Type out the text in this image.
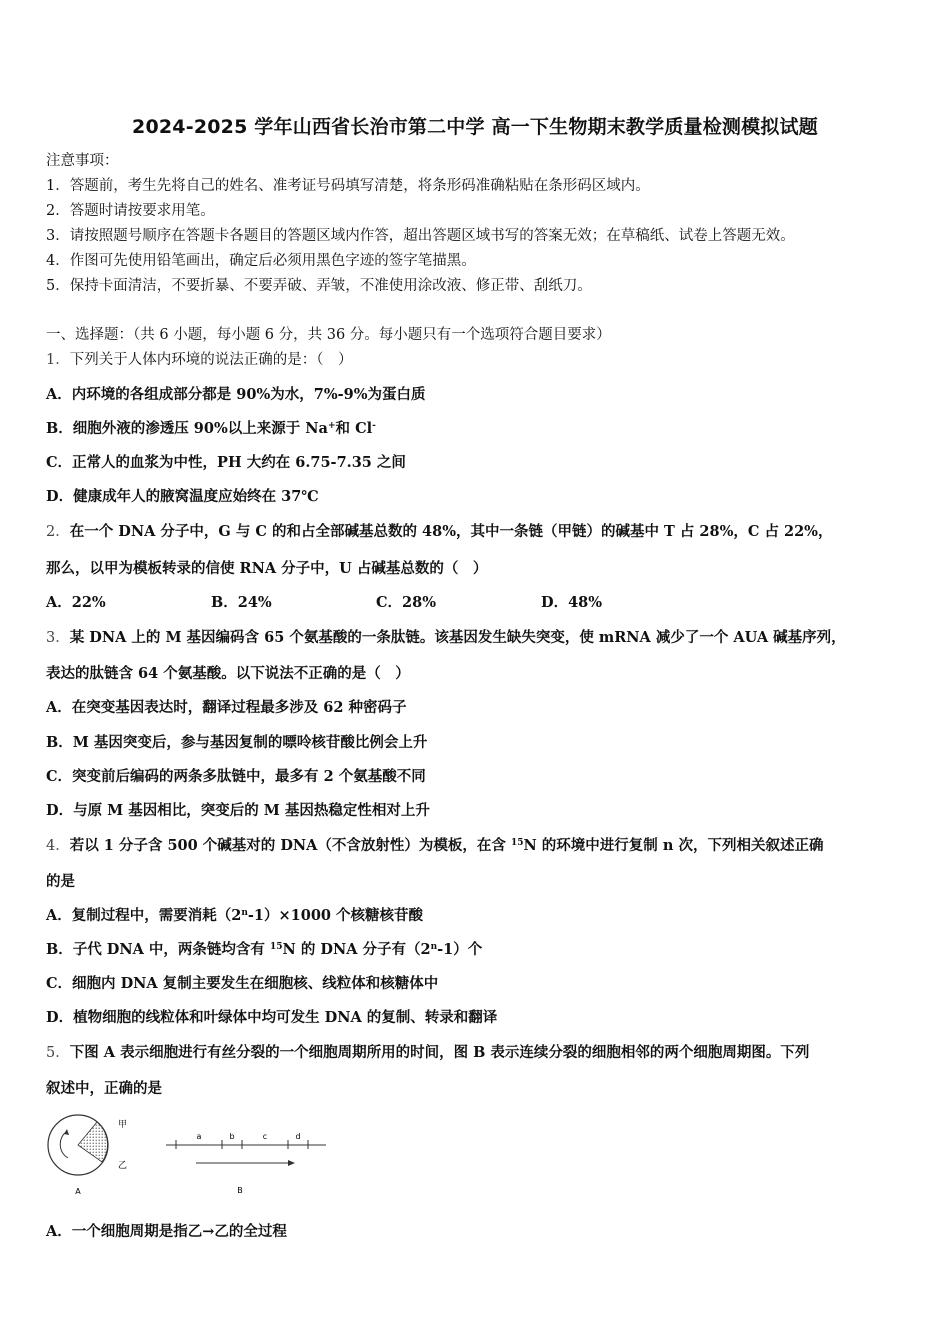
2024-2025 学年山西省长治市第二中学 高一下生物期末教学质量检测模拟试题
注意事项：
1．答题前，考生先将自己的姓名、准考证号码填写清楚，将条形码准确粘贴在条形码区域内。
2．答题时请按要求用笔。
3．请按照题号顺序在答题卡各题目的答题区域内作答，超出答题区域书写的答案无效；在草稿纸、试卷上答题无效。
4．作图可先使用铅笔画出，确定后必须用黑色字迹的签字笔描黑。
5．保持卡面清洁，不要折暴、不要弄破、弄皱，不准使用涂改液、修正带、刮纸刀。
一、选择题：（共 6 小题，每小题 6 分，共 36 分。每小题只有一个选项符合题目要求）
1．下列关于人体内环境的说法正确的是：（　）
A．内环境的各组成部分都是 90%为水，7%-9%为蛋白质
B．细胞外液的渗透压 90%以上来源于 Na+和 Cl-
C．正常人的血浆为中性，PH 大约在 6.75-7.35 之间
D．健康成年人的腋窝温度应始终在 37℃
2．在一个 DNA 分子中，G 与 C 的和占全部碱基总数的 48%，其中一条链（甲链）的碱基中 T 占 28%，C 占 22%，
那么，以甲为模板转录的信使 RNA 分子中，U 占碱基总数的（　）
A．22%	B．24%	C．28%	D．48%
3．某 DNA 上的 M 基因编码含 65 个氨基酸的一条肽链。该基因发生缺失突变，使 mRNA 减少了一个 AUA 碱基序列，
表达的肽链含 64 个氨基酸。以下说法不正确的是（　）
A．在突变基因表达时，翻译过程最多涉及 62 种密码子
B．M 基因突变后，参与基因复制的嘌呤核苷酸比例会上升
C．突变前后编码的两条多肽链中，最多有 2 个氨基酸不同
D．与原 M 基因相比，突变后的 M 基因热稳定性相对上升
4．若以 1 分子含 500 个碱基对的 DNA（不含放射性）为模板，在含 $^{15}$N 的环境中进行复制 n 次，下列相关叙述正确
的是
A．复制过程中，需要消耗$(2^n-1)\times 1000$ 个核糖核苷酸
B．子代 DNA 中，两条链均含有 $^{15}$N 的 DNA 分子有（2$^n$-1）个
C．细胞内 DNA 复制主要发生在细胞核、线粒体和核糖体中
D．植物细胞的线粒体和叶绿体中均可发生 DNA 的复制、转录和翻译
5．下图 A 表示细胞进行有丝分裂的一个细胞周期所用的时间，图 B 表示连续分裂的细胞相邻的两个细胞周期图。下列
叙述中，正确的是
甲
乙
A
a	b	c	d
B
A．一个细胞周期是指乙→乙的全过程
